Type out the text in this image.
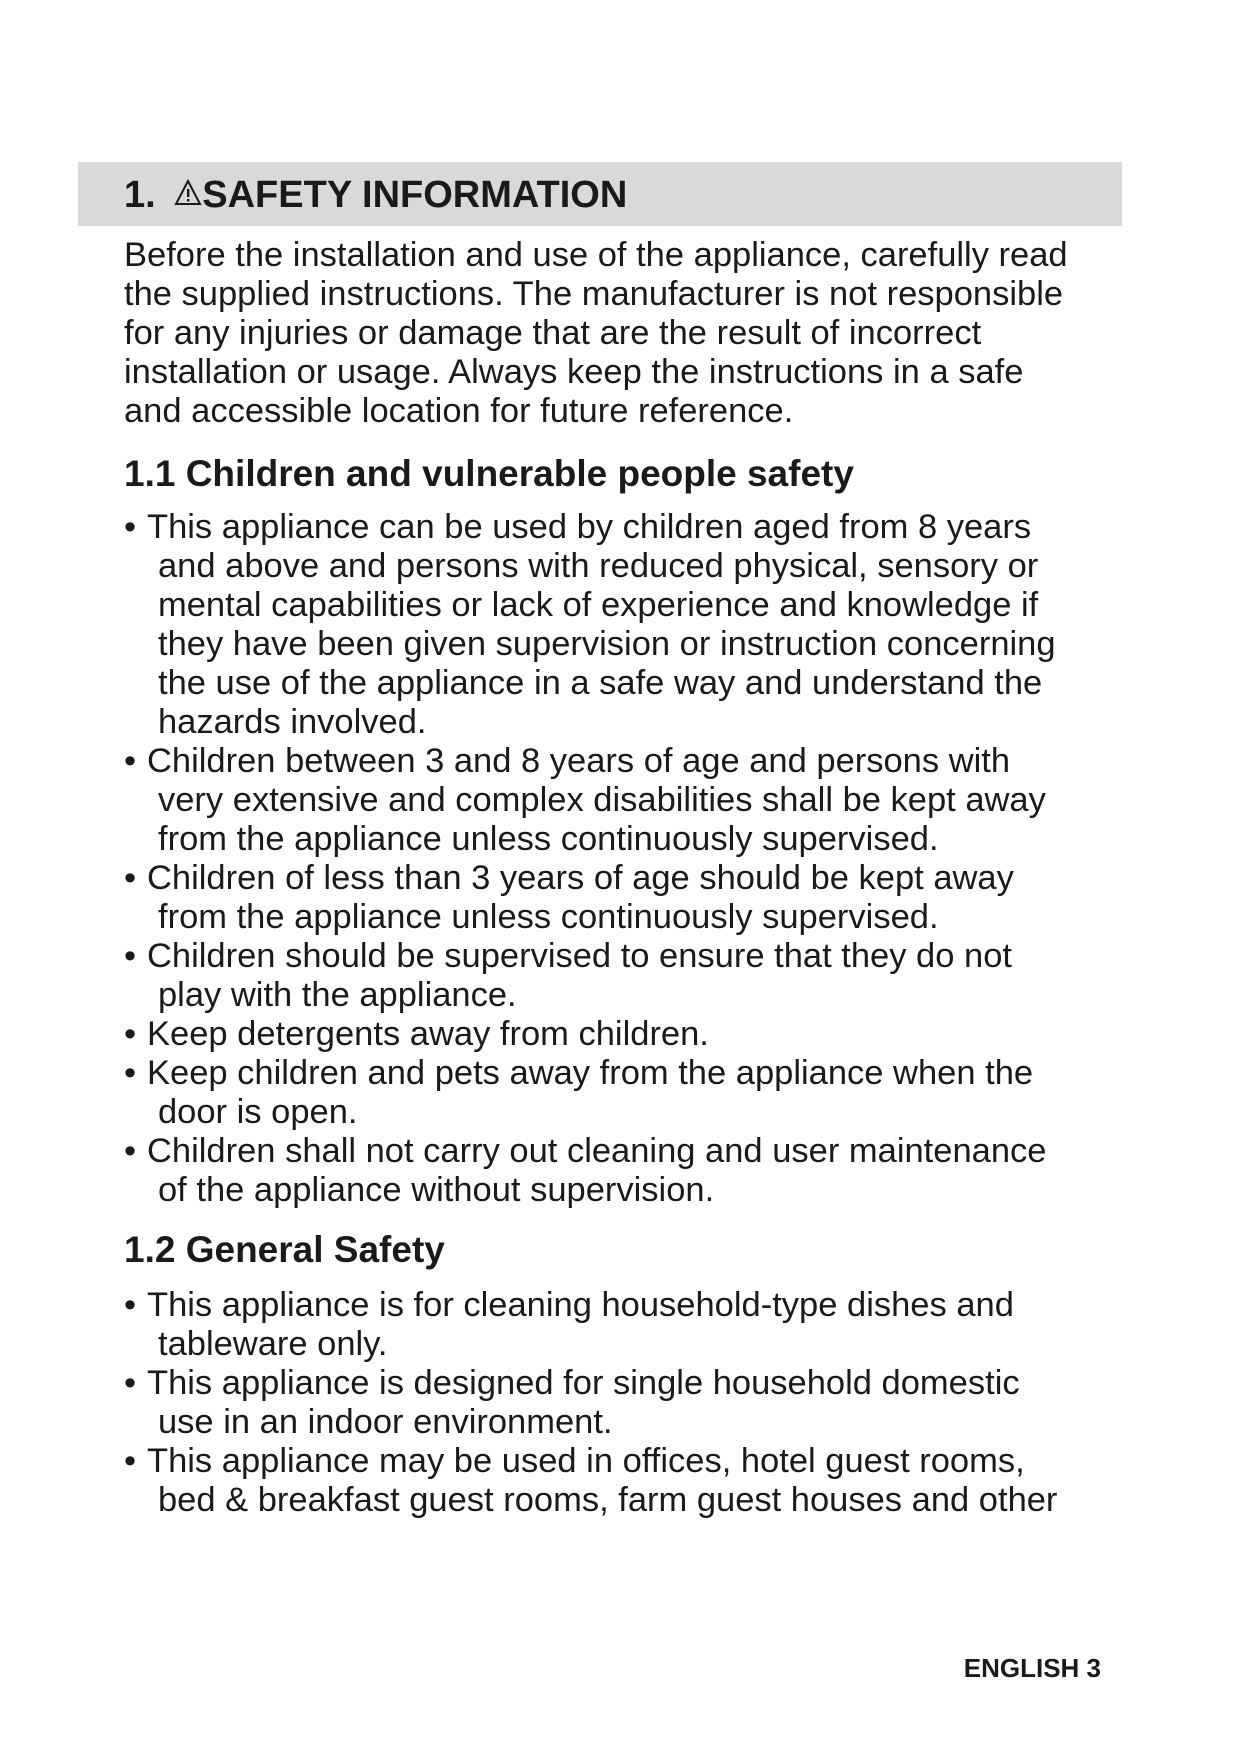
1. SAFETY INFORMATION
Before the installation and use of the appliance, carefully read
the supplied instructions. The manufacturer is not responsible
for any injuries or damage that are the result of incorrect
installation or usage. Always keep the instructions in a safe
and accessible location for future reference.
1.1 Children and vulnerable people safety
• This appliance can be used by children aged from 8 years
and above and persons with reduced physical, sensory or
mental capabilities or lack of experience and knowledge if
they have been given supervision or instruction concerning
the use of the appliance in a safe way and understand the
hazards involved.
• Children between 3 and 8 years of age and persons with
very extensive and complex disabilities shall be kept away
from the appliance unless continuously supervised.
• Children of less than 3 years of age should be kept away
from the appliance unless continuously supervised.
• Children should be supervised to ensure that they do not
play with the appliance.
• Keep detergents away from children.
• Keep children and pets away from the appliance when the
door is open.
• Children shall not carry out cleaning and user maintenance
of the appliance without supervision.
1.2 General Safety
• This appliance is for cleaning household-type dishes and
tableware only.
• This appliance is designed for single household domestic
use in an indoor environment.
• This appliance may be used in offices, hotel guest rooms,
bed & breakfast guest rooms, farm guest houses and other
ENGLISH 3
